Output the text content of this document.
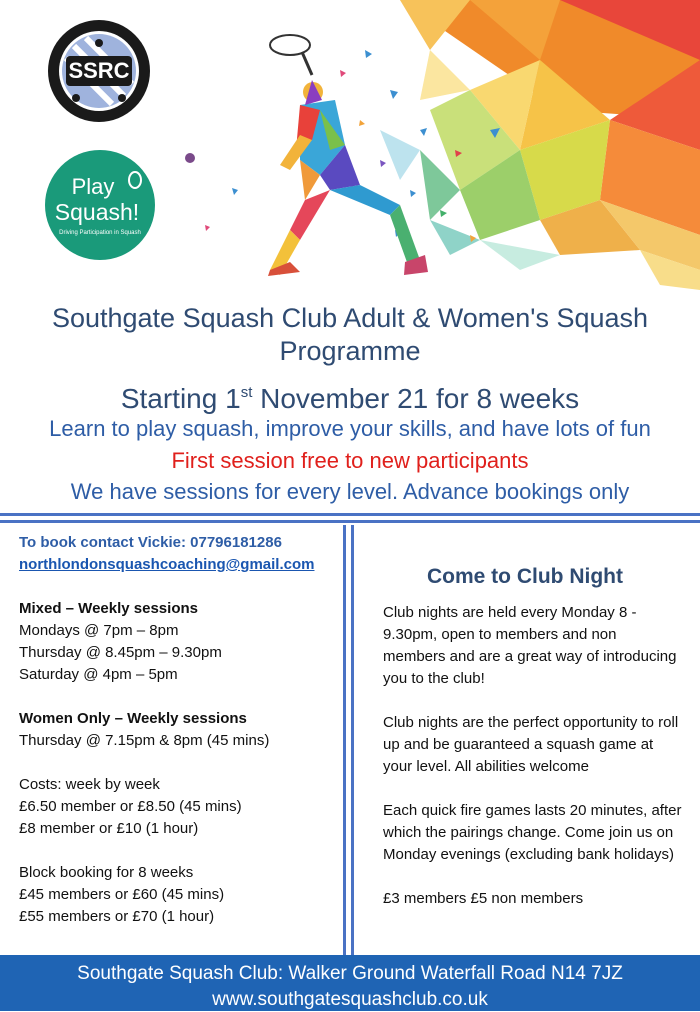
SSRC
Play
Squash!
Driving Participation in Squash
Southgate Squash Club Adult & Women's Squash
Programme
Starting 1st November 21 for 8 weeks
Learn to play squash, improve your skills, and have lots of fun
First session free to new participants
We have sessions for every level. Advance bookings only
To book contact Vickie: 07796181286
northlondonsquashcoaching@gmail.com
Mixed – Weekly sessions
Mondays @ 7pm – 8pm
Thursday @ 8.45pm – 9.30pm
Saturday @ 4pm – 5pm
Women Only – Weekly sessions
Thursday @ 7.15pm & 8pm (45 mins)
Costs: week by week
£6.50 member or £8.50 (45 mins)
£8 member or £10 (1 hour)
Block booking for 8 weeks
£45 members or £60 (45 mins)
£55 members or £70 (1 hour)
Come to Club Night

Club nights are held every Monday 8 - 9.30pm, open to members and non members and are a great way of introducing you to the club!

Club nights are the perfect opportunity to roll up and be guaranteed a squash game at your level. All abilities welcome

Each quick fire games lasts 20 minutes, after which the pairings change. Come join us on Monday evenings (excluding bank holidays)

£3 members £5 non members

Southgate Squash Club: Walker Ground Waterfall Road N14 7JZ
www.southgatesquashclub.co.uk
